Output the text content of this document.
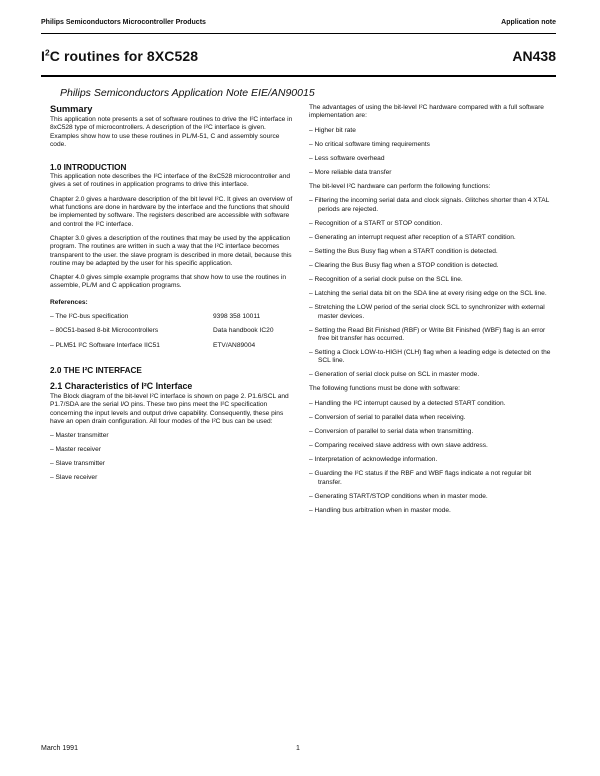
Philips Semiconductors Microcontroller Products	Application note
$I^2C$ routines for 8XC528	AN438
Philips Semiconductors Application Note EIE/AN90015
Summary

This application note presents a set of software routines to drive the I²C interface in 8xC528 type of microcontrollers. A description of the I²C interface is given. Examples show how to use these routines in PL/M-51, C and assembly source code.

1.0 INTRODUCTION

This application note describes the I²C interface of the 8xC528 microcontroller and gives a set of routines in application programs to drive this interface.

Chapter 2.0 gives a hardware description of the bit level I²C. It gives an overview of what functions are done in hardware by the interface and the functions that should be implemented by software. The registers described are accessible with software and control the I²C interface.

Chapter 3.0 gives a description of the routines that may be used by the application program. The routines are written in such a way that the I²C interface becomes transparent to the user. the slave program is described in more detail, because this routine may be adapted by the user for his specific application.

Chapter 4.0 gives simple example programs that show how to use the routines in assemble, PL/M and C application programs.

References:
– The I²C-bus specification	9398 358 10011
– 80C51-based 8-bit Microcontrollers	Data handbook IC20
– PLM51 I²C Software Interface IIC51	ETV/AN89004
2.0 THE I²C INTERFACE
2.1 Characteristics of I²C Interface

The Block diagram of the bit-level I²C interface is shown on page 2. P1.6/SCL and P1.7/SDA are the serial I/O pins. These two pins meet the I²C specification concerning the input levels and output drive capability. Consequently, these pins have an open drain configuration. All four modes of the I²C bus can be used:

– Master transmitter
– Master receiver
– Slave transmitter
– Slave receiver

The advantages of using the bit-level I²C hardware compared with a full software implementation are:

– Higher bit rate
– No critical software timing requirements
– Less software overhead
– More reliable data transfer

The bit-level I²C hardware can perform the following functions:

– Filtering the incoming serial data and clock signals. Glitches shorter than 4 XTAL periods are rejected.
– Recognition of a START or STOP condition.
– Generating an interrupt request after reception of a START condition.
– Setting the Bus Busy flag when a START condition is detected.
– Clearing the Bus Busy flag when a STOP condition is detected.
– Recognition of a serial clock pulse on the SCL line.
– Latching the serial data bit on the SDA line at every rising edge on the SCL line.
– Stretching the LOW period of the serial clock SCL to synchronizer with external master devices.
– Setting the Read Bit Finished (RBF) or Write Bit Finished (WBF) flag is an error free bit transfer has occurred.
– Setting a Clock LOW-to-HIGH (CLH) flag when a leading edge is detected on the SCL line.
– Generation of serial clock pulse on SCL in master mode.

The following functions must be done with software:

– Handling the I²C interrupt caused by a detected START condition.
– Conversion of serial to parallel data when receiving.
– Conversion of parallel to serial data when transmitting.
– Comparing received slave address with own slave address.
– Interpretation of acknowledge information.
– Guarding the I²C status if the RBF and WBF flags indicate a not regular bit transfer.
– Generating START/STOP conditions when in master mode.
– Handling bus arbitration when in master mode.
March 1991	1
